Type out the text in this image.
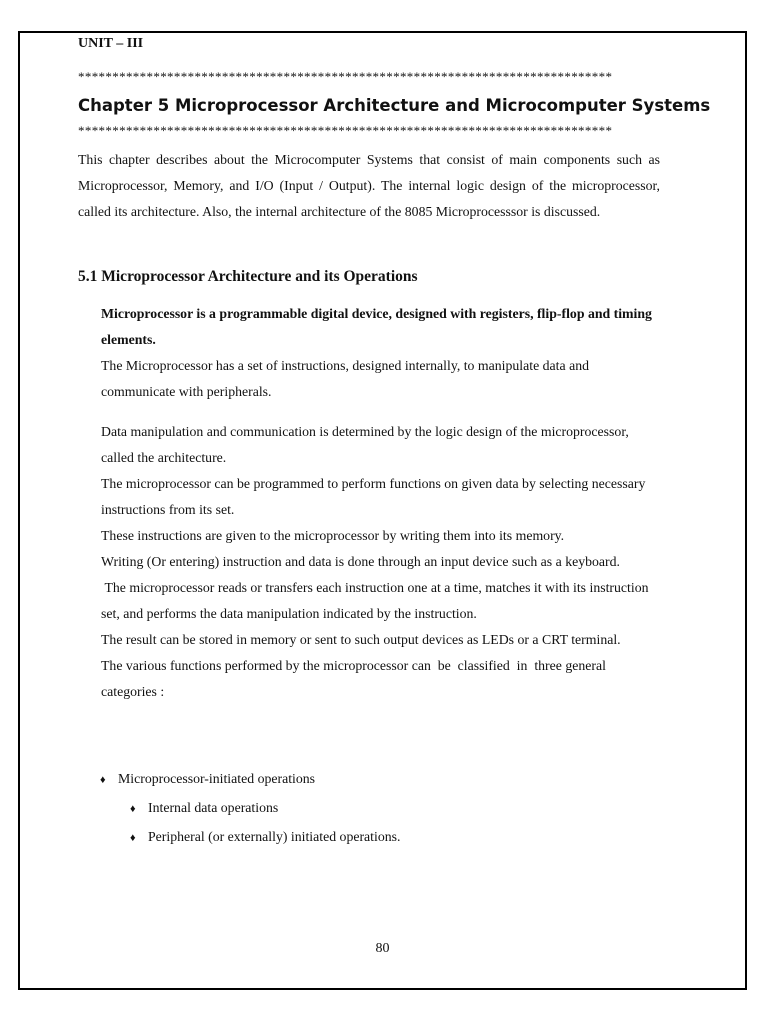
UNIT – III
******************************************************************************
Chapter 5 Microprocessor Architecture and Microcomputer Systems
******************************************************************************

This chapter describes about the Microcomputer Systems that consist of main components such as Microprocessor, Memory, and I/O (Input / Output). The internal logic design of the microprocessor, called its architecture. Also, the internal architecture of the 8085 Microprocesssor is discussed.

5.1 Microprocessor Architecture and its Operations

Microprocessor is a programmable digital device, designed with registers, flip-flop and timing elements.

The Microprocessor has a set of instructions, designed internally, to manipulate data and communicate with peripherals.

Data manipulation and communication is determined by the logic design of the microprocessor, called the architecture.

The microprocessor can be programmed to perform functions on given data by selecting necessary instructions from its set.

These instructions are given to the microprocessor by writing them into its memory.

Writing (Or entering) instruction and data is done through an input device such as a keyboard.

The microprocessor reads or transfers each instruction one at a time, matches it with its instruction set, and performs the data manipulation indicated by the instruction.

The result can be stored in memory or sent to such output devices as LEDs or a CRT terminal.

The various functions performed by the microprocessor can  be  classified  in  three general categories :

♦ Microprocessor-initiated operations
♦ Internal data operations
♦ Peripheral (or externally) initiated operations.
80
